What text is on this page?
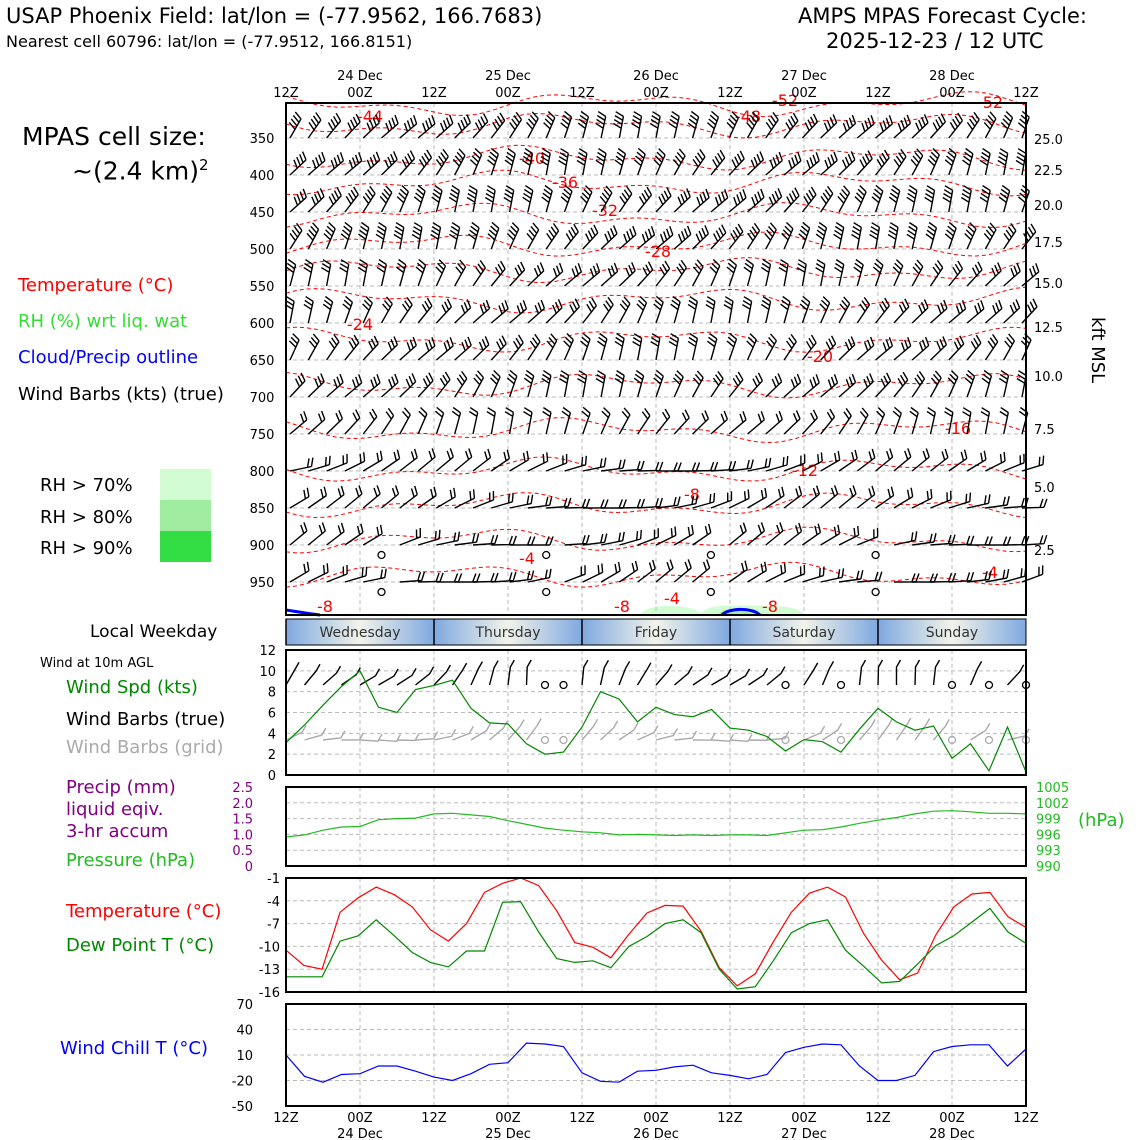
USAP Phoenix Field: lat/lon = (-77.9562, 166.7683)
Nearest cell 60796: lat/lon = (-77.9512, 166.8151)
AMPS MPAS Forecast Cycle:
2025-12-23 / 12 UTC
MPAS cell size:
~(2.4 km)$^2$
Temperature (°C)
RH (%) wrt liq. wat
Cloud/Precip outline
Wind Barbs (kts) (true)
RH > 70%
RH > 80%
RH > 90%
Local Weekday
Wind at 10m AGL
Wind Spd (kts)
Wind Barbs (true)
Wind Barbs (grid)
Precip (mm)
liquid eqiv.
3-hr accum
Pressure (hPa)
Temperature (°C)
Dew Point T (°C)
Wind Chill T (°C)
(hPa)
kft MSL
-44	-48
-52	-52
-40
-36
-32
-28
-24
-20
-16
-12
-8
-8	-8
-4
-4
-4
-8
350
400
450
500
550
600
650
700
750
800
850
900
950
25.0
22.5
20.0
17.5
15.0
12.5
10.0
7.5
5.0
2.5
Wednesday	Thursday	Friday	Saturday	Sunday
0
2
4
6
8
10
12
2.5
2.0
1.5
1.0
0.5
0
1005
1002
999
996
993
990
-1
-4
-7
-10
-13
-16
70
40
10
-20
-50
12Z	00Z	12Z	00Z	12Z	00Z	12Z	00Z	12Z	00Z	12Z
24 Dec	25 Dec	26 Dec	27 Dec	28 Dec
12Z	00Z	12Z	00Z	12Z	00Z	12Z	00Z	12Z	00Z	12Z
24 Dec	25 Dec	26 Dec	27 Dec	28 Dec
